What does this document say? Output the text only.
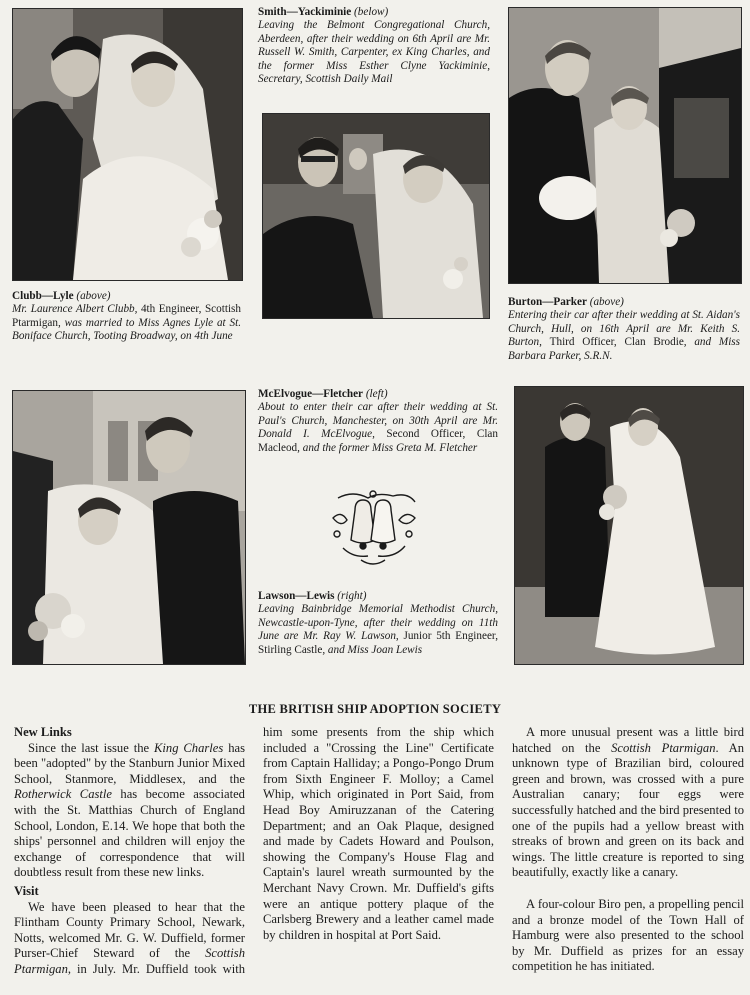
Clubb—Lyle (above)
Mr. Laurence Albert Clubb, 4th Engineer, Scottish Ptarmigan, was married to Miss Agnes Lyle at St. Boniface Church, Tooting Broadway, on 4th June
Smith—Yackiminie (below)
Leaving the Belmont Congregational Church, Aberdeen, after their wedding on 6th April are Mr. Russell W. Smith, Carpenter, ex King Charles, and the former Miss Esther Clyne Yackiminie, Secretary, Scottish Daily Mail
Burton—Parker (above)
Entering their car after their wedding at St. Aidan's Church, Hull, on 16th April are Mr. Keith S. Burton, Third Officer, Clan Brodie, and Miss Barbara Parker, S.R.N.
McElvogue—Fletcher (left)
About to enter their car after their wedding at St. Paul's Church, Manchester, on 30th April are Mr. Donald I. McElvogue, Second Officer, Clan Macleod, and the former Miss Greta M. Fletcher
Lawson—Lewis (right)
Leaving Bainbridge Memorial Methodist Church, Newcastle-upon-Tyne, after their wedding on 11th June are Mr. Ray W. Lawson, Junior 5th Engineer, Stirling Castle, and Miss Joan Lewis
THE BRITISH SHIP ADOPTION SOCIETY
New Links

Since the last issue the King Charles has been "adopted" by the Stanburn Junior Mixed School, Stanmore, Middlesex, and the Rotherwick Castle has become associated with the St. Matthias Church of England School, London, E.14. We hope that both the ships' personnel and children will enjoy the exchange of correspondence that will doubtless result from these new links.

Visit

We have been pleased to hear that the Flintham County Primary School, Newark, Notts, welcomed Mr. G. W. Duffield, former Purser-Chief Steward of the Scottish Ptarmigan, in July. Mr. Duffield took with him some presents from the ship which included a "Crossing the Line" Certificate from Captain Halliday; a Pongo-Pongo Drum from Sixth Engineer F. Molloy; a Camel Whip, which originated in Port Said, from Head Boy Amiruzzanan of the Catering Department; and an Oak Plaque, designed and made by Cadets Howard and Poulson, showing the Company's House Flag and Captain's laurel wreath surmounted by the Merchant Navy Crown. Mr. Duffield's gifts were an antique pottery plaque of the Carlsberg Brewery and a leather camel made by children in hospital at Port Said.

A more unusual present was a little bird hatched on the Scottish Ptarmigan. An unknown type of Brazilian bird, coloured green and brown, was crossed with a pure Australian canary; four eggs were successfully hatched and the bird presented to one of the pupils had a yellow breast with streaks of brown and green on its back and wings. The little creature is reported to sing beautifully, exactly like a canary.

A four-colour Biro pen, a propelling pencil and a bronze model of the Town Hall of Hamburg were also presented to the school by Mr. Duffield as prizes for an essay competition he has initiated.
